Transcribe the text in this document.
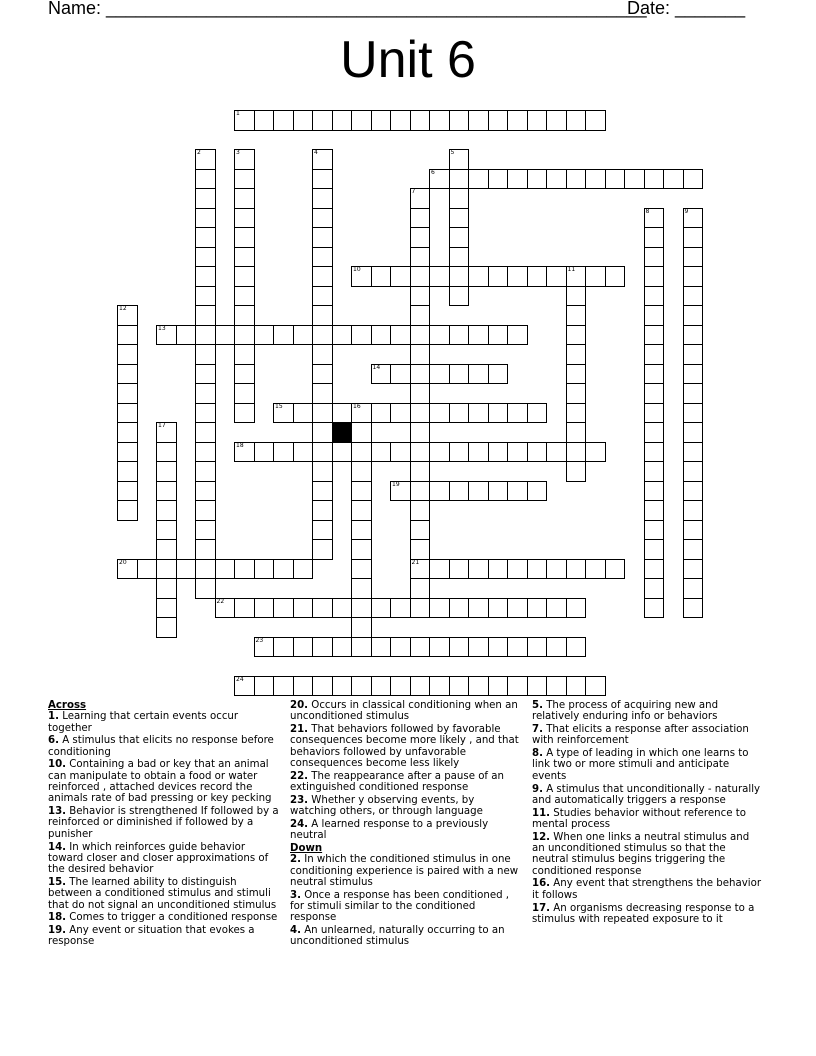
Name: ______________________________________________________
Date: _______
Unit 6
1
2	3	4	5
6
7
21
8	9
10	11
12
13
14
15	16
17
18
19
20
22
23
24
Across
1. Learning that certain events occur together
6. A stimulus that elicits no response before conditioning
10. Containing a bad or key that an animal can manipulate to obtain a food or water reinforced , attached devices record the animals rate of bad pressing or key pecking
13. Behavior is strengthened If followed by a reinforced or diminished if followed by a punisher
14. In which reinforces guide behavior toward closer and closer approximations of the desired behavior
15. The learned ability to distinguish between a conditioned stimulus and stimuli that do not signal an unconditioned stimulus
18. Comes to trigger a conditioned response
19. Any event or situation that evokes a response
20. Occurs in classical conditioning when an unconditioned stimulus
21. That behaviors followed by favorable consequences become more likely , and that behaviors followed by unfavorable consequences become less likely
22. The reappearance after a pause of an extinguished conditioned response
23. Whether y observing events, by watching others, or through language
24. A learned response to a previously neutral
Down
2. In which the conditioned stimulus in one conditioning experience is paired with a new neutral stimulus
3. Once a response has been conditioned , for stimuli similar to the conditioned response
4. An unlearned, naturally occurring to an unconditioned stimulus
5. The process of acquiring new and relatively enduring info or behaviors
7. That elicits a response after association with reinforcement
8. A type of leading in which one learns to link two or more stimuli and anticipate events
9. A stimulus that unconditionally - naturally and automatically triggers a response
11. Studies behavior without reference to mental process
12. When one links a neutral stimulus and an unconditioned stimulus so that the neutral stimulus begins triggering the conditioned response
16. Any event that strengthens the behavior it follows
17. An organisms decreasing response to a stimulus with repeated exposure to it
